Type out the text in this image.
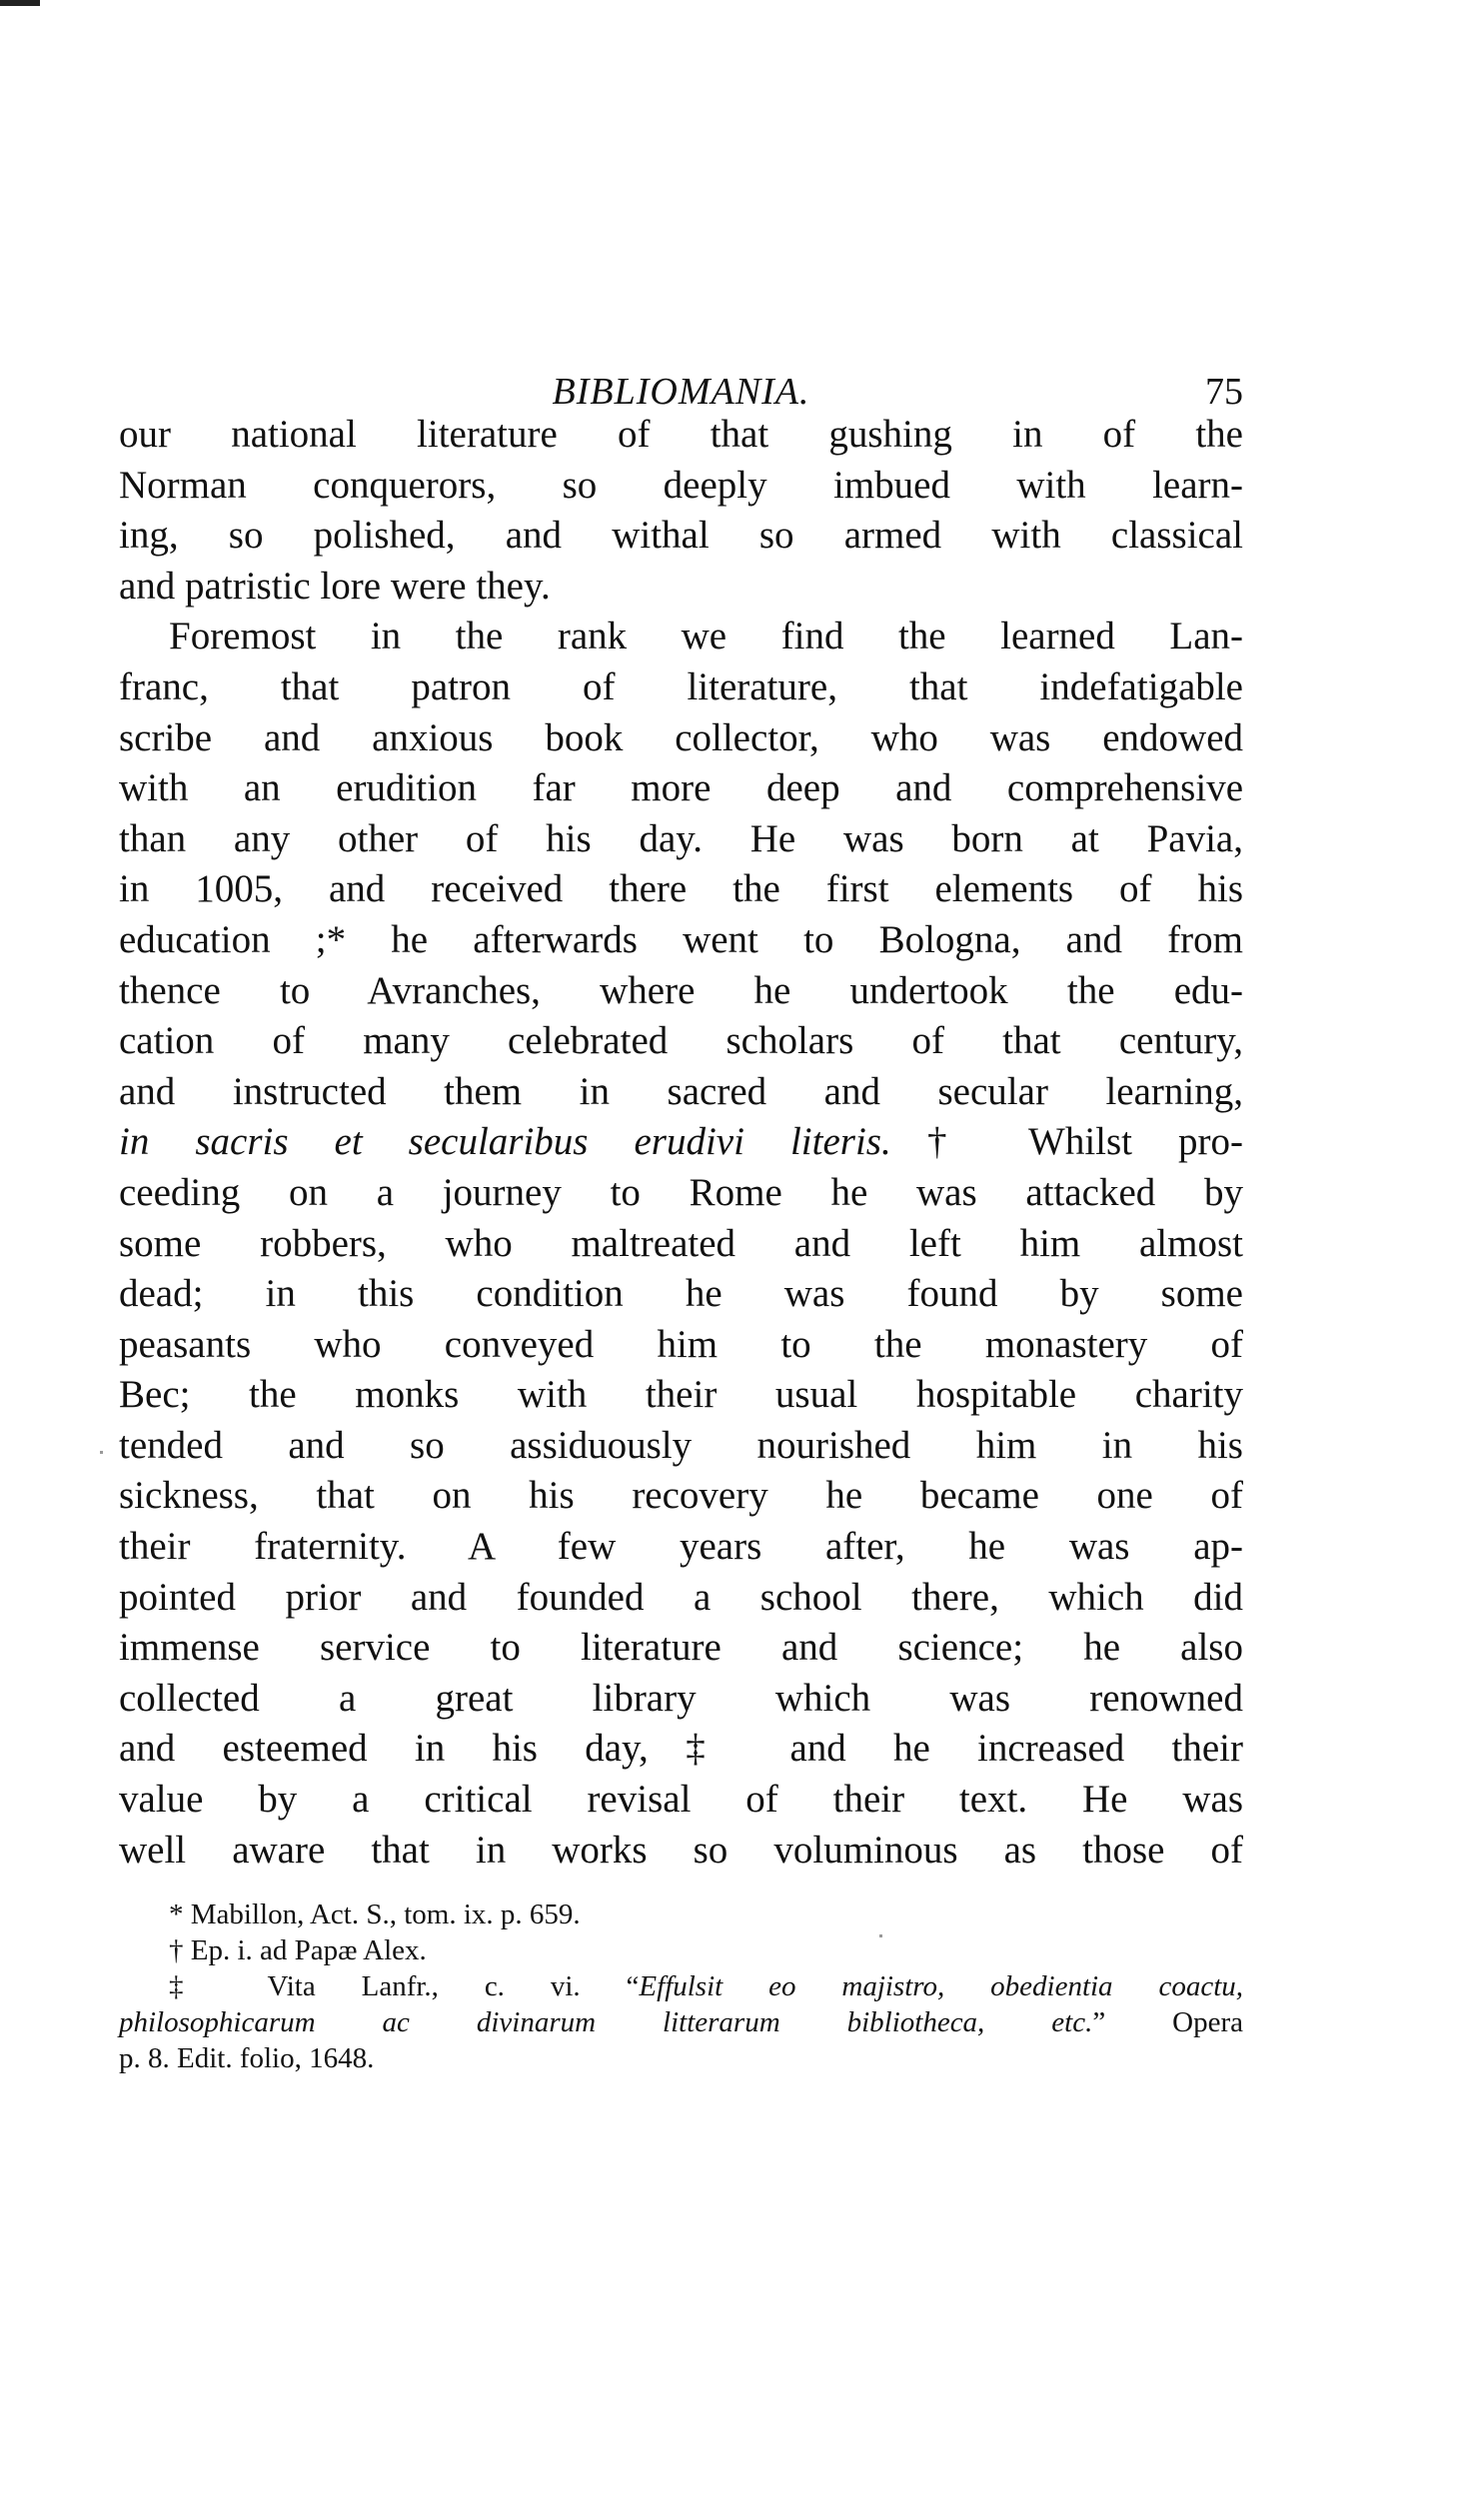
BIBLIOMANIA.	75
our national literature of that gushing in of the
Norman conquerors, so deeply imbued with learn-
ing, so polished, and withal so armed with classical
and patristic lore were they.
Foremost in the rank we find the learned Lan-
franc, that patron of literature, that indefatigable
scribe and anxious book collector, who was endowed
with an erudition far more deep and comprehensive
than any other of his day. He was born at Pavia,
in 1005, and received there the first elements of his
education ;* he afterwards went to Bologna, and from
thence to Avranches, where he undertook the edu-
cation of many celebrated scholars of that century,
and instructed them in sacred and secular learning,
in sacris et secularibus erudivi literis.† Whilst pro-
ceeding on a journey to Rome he was attacked by
some robbers, who maltreated and left him almost
dead; in this condition he was found by some
peasants who conveyed him to the monastery of
Bec; the monks with their usual hospitable charity
tended and so assiduously nourished him in his
sickness, that on his recovery he became one of
their fraternity. A few years after, he was ap-
pointed prior and founded a school there, which did
immense service to literature and science; he also
collected a great library which was renowned
and esteemed in his day,‡ and he increased their
value by a critical revisal of their text. He was
well aware that in works so voluminous as those of
* Mabillon, Act. S., tom. ix. p. 659.
† Ep. i. ad Papæ Alex.
‡ Vita Lanfr., c. vi. “Effulsit eo majistro, obedientia coactu,
philosophicarum ac divinarum litterarum bibliotheca, etc.” Opera
p. 8. Edit. folio, 1648.
